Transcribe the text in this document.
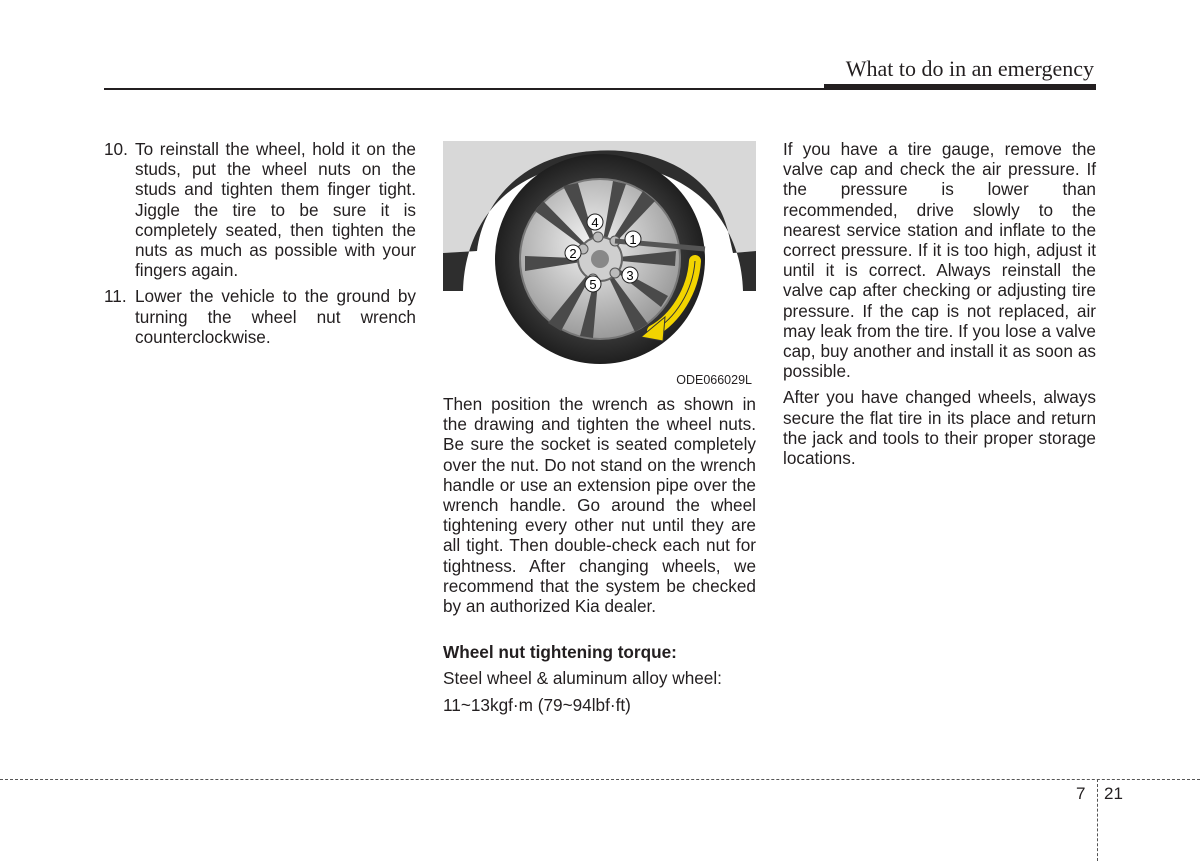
What to do in an emergency
10. To reinstall the wheel, hold it on the studs, put the wheel nuts on the studs and tighten them finger tight. Jiggle the tire to be sure it is completely seated, then tighten the nuts as much as possible with your fingers again.
11. Lower the vehicle to the ground by turning the wheel nut wrench counterclockwise.
1
2
3
4
5
ODE066029L

Then position the wrench as shown in the drawing and tighten the wheel nuts. Be sure the socket is seated completely over the nut. Do not stand on the wrench handle or use an extension pipe over the wrench handle. Go around the wheel tightening every other nut until they are all tight. Then double-check each nut for tightness. After changing wheels, we recommend that the system be checked by an authorized Kia dealer.

Wheel nut tightening torque:
Steel wheel & aluminum alloy wheel:
11~13kgf·m (79~94lbf·ft)

If you have a tire gauge, remove the valve cap and check the air pressure. If the pressure is lower than recommended, drive slowly to the nearest service station and inflate to the correct pressure. If it is too high, adjust it until it is correct. Always reinstall the valve cap after checking or adjusting tire pressure. If the cap is not replaced, air may leak from the tire. If you lose a valve cap, buy another and install it as soon as possible.

After you have changed wheels, always secure the flat tire in its place and return the jack and tools to their proper storage locations.

7 21
